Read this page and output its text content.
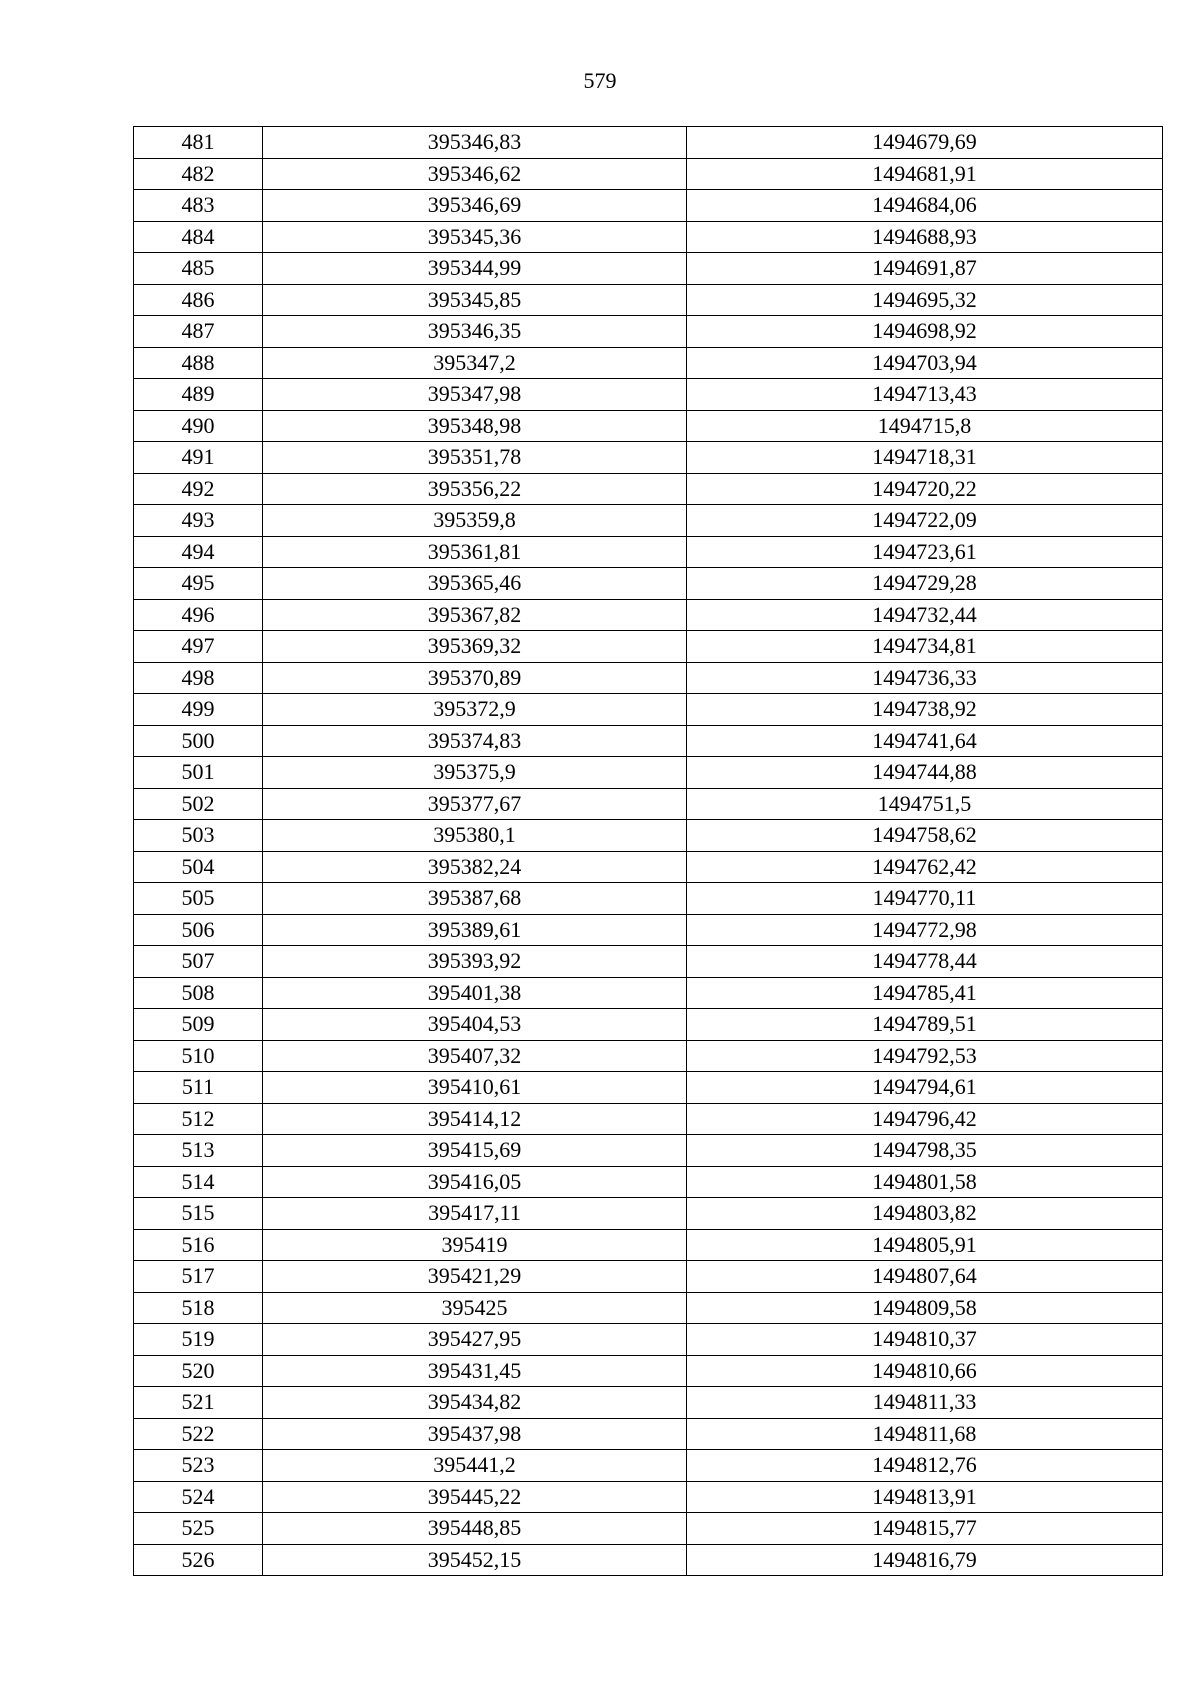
579
481	395346,83	1494679,69
482	395346,62	1494681,91
483	395346,69	1494684,06
484	395345,36	1494688,93
485	395344,99	1494691,87
486	395345,85	1494695,32
487	395346,35	1494698,92
488	395347,2	1494703,94
489	395347,98	1494713,43
490	395348,98	1494715,8
491	395351,78	1494718,31
492	395356,22	1494720,22
493	395359,8	1494722,09
494	395361,81	1494723,61
495	395365,46	1494729,28
496	395367,82	1494732,44
497	395369,32	1494734,81
498	395370,89	1494736,33
499	395372,9	1494738,92
500	395374,83	1494741,64
501	395375,9	1494744,88
502	395377,67	1494751,5
503	395380,1	1494758,62
504	395382,24	1494762,42
505	395387,68	1494770,11
506	395389,61	1494772,98
507	395393,92	1494778,44
508	395401,38	1494785,41
509	395404,53	1494789,51
510	395407,32	1494792,53
511	395410,61	1494794,61
512	395414,12	1494796,42
513	395415,69	1494798,35
514	395416,05	1494801,58
515	395417,11	1494803,82
516	395419	1494805,91
517	395421,29	1494807,64
518	395425	1494809,58
519	395427,95	1494810,37
520	395431,45	1494810,66
521	395434,82	1494811,33
522	395437,98	1494811,68
523	395441,2	1494812,76
524	395445,22	1494813,91
525	395448,85	1494815,77
526	395452,15	1494816,79
